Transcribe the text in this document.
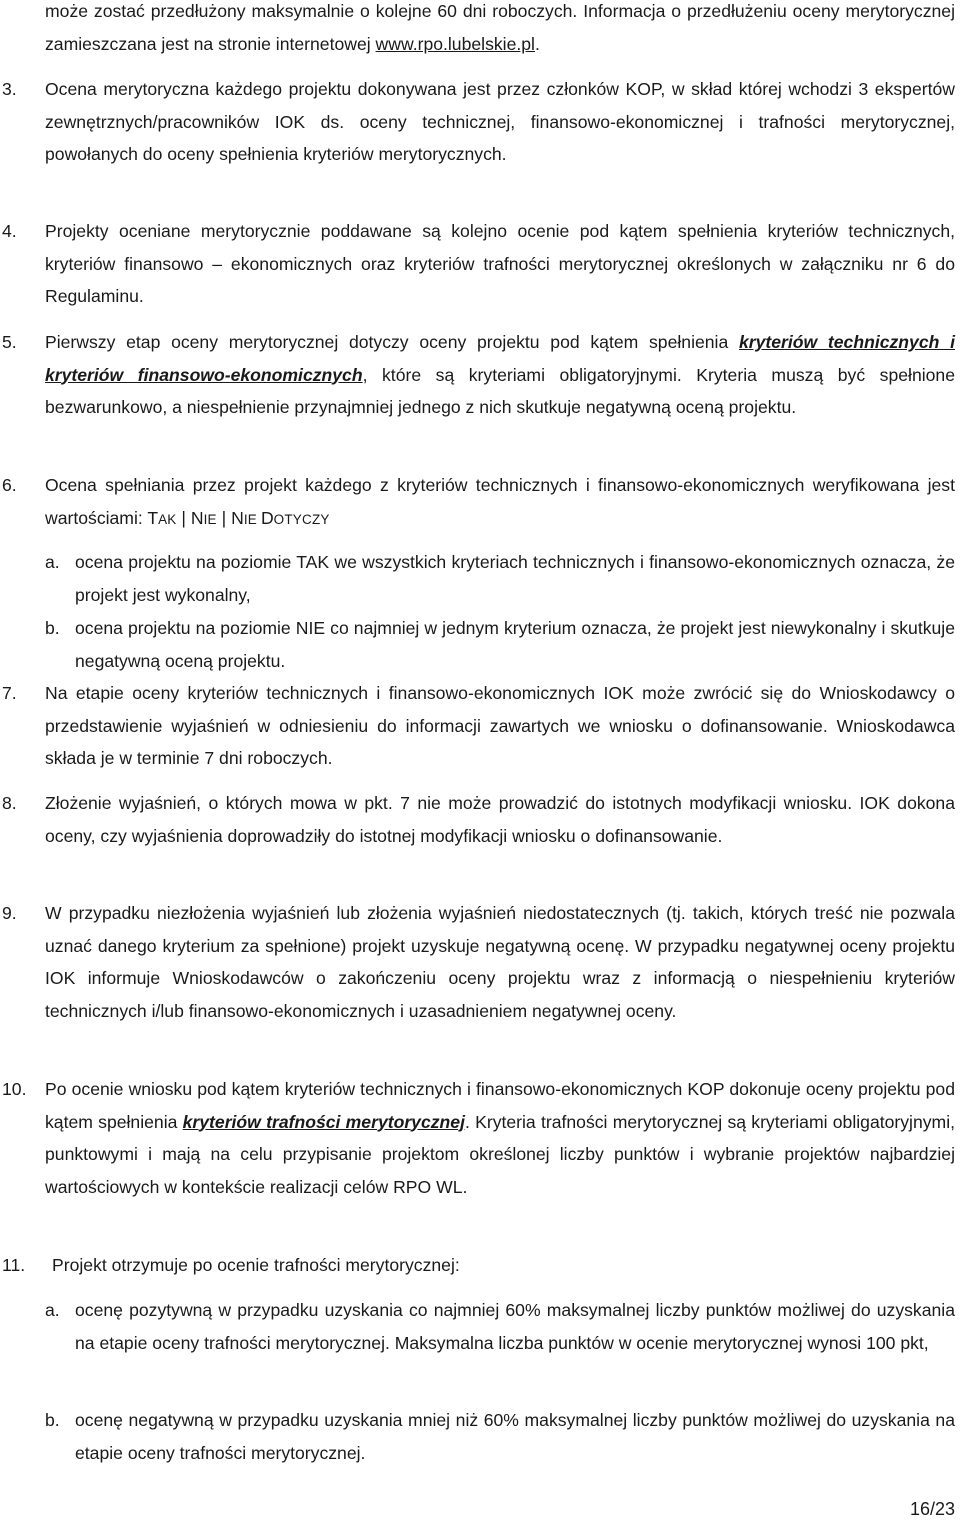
może zostać przedłużony maksymalnie o kolejne 60 dni roboczych. Informacja o przedłużeniu oceny merytorycznej zamieszczana jest na stronie internetowej www.rpo.lubelskie.pl.

3. Ocena merytoryczna każdego projektu dokonywana jest przez członków KOP, w skład której wchodzi 3 ekspertów zewnętrznych/pracowników IOK ds. oceny technicznej, finansowo-ekonomicznej i trafności merytorycznej, powołanych do oceny spełnienia kryteriów merytorycznych.

4. Projekty oceniane merytorycznie poddawane są kolejno ocenie pod kątem spełnienia kryteriów technicznych, kryteriów finansowo – ekonomicznych oraz kryteriów trafności merytorycznej określonych w załączniku nr 6 do Regulaminu.

5. Pierwszy etap oceny merytorycznej dotyczy oceny projektu pod kątem spełnienia kryteriów technicznych i kryteriów finansowo-ekonomicznych, które są kryteriami obligatoryjnymi. Kryteria muszą być spełnione bezwarunkowo, a niespełnienie przynajmniej jednego z nich skutkuje negatywną oceną projektu.

6. Ocena spełniania przez projekt każdego z kryteriów technicznych i finansowo-ekonomicznych weryfikowana jest wartościami: TAK | NIE | NIE DOTYCZY

a. ocena projektu na poziomie TAK we wszystkich kryteriach technicznych i finansowo-ekonomicznych oznacza, że projekt jest wykonalny,

b. ocena projektu na poziomie NIE co najmniej w jednym kryterium oznacza, że projekt jest niewykonalny i skutkuje negatywną oceną projektu.

7. Na etapie oceny kryteriów technicznych i finansowo-ekonomicznych IOK może zwrócić się do Wnioskodawcy o przedstawienie wyjaśnień w odniesieniu do informacji zawartych we wniosku o dofinansowanie. Wnioskodawca składa je w terminie 7 dni roboczych.

8. Złożenie wyjaśnień, o których mowa w pkt. 7 nie może prowadzić do istotnych modyfikacji wniosku. IOK dokona oceny, czy wyjaśnienia doprowadziły do istotnej modyfikacji wniosku o dofinansowanie.

9. W przypadku niezłożenia wyjaśnień lub złożenia wyjaśnień niedostatecznych (tj. takich, których treść nie pozwala uznać danego kryterium za spełnione) projekt uzyskuje negatywną ocenę. W przypadku negatywnej oceny projektu IOK informuje Wnioskodawców o zakończeniu oceny projektu wraz z informacją o niespełnieniu kryteriów technicznych i/lub finansowo-ekonomicznych i uzasadnieniem negatywnej oceny.

10. Po ocenie wniosku pod kątem kryteriów technicznych i finansowo-ekonomicznych KOP dokonuje oceny projektu pod kątem spełnienia kryteriów trafności merytorycznej. Kryteria trafności merytorycznej są kryteriami obligatoryjnymi, punktowymi i mają na celu przypisanie projektom określonej liczby punktów i wybranie projektów najbardziej wartościowych w kontekście realizacji celów RPO WL.

11. Projekt otrzymuje po ocenie trafności merytorycznej:

a. ocenę pozytywną w przypadku uzyskania co najmniej 60% maksymalnej liczby punktów możliwej do uzyskania na etapie oceny trafności merytorycznej. Maksymalna liczba punktów w ocenie merytorycznej wynosi 100 pkt,

b. ocenę negatywną w przypadku uzyskania mniej niż 60% maksymalnej liczby punktów możliwej do uzyskania na etapie oceny trafności merytorycznej.

16/23
